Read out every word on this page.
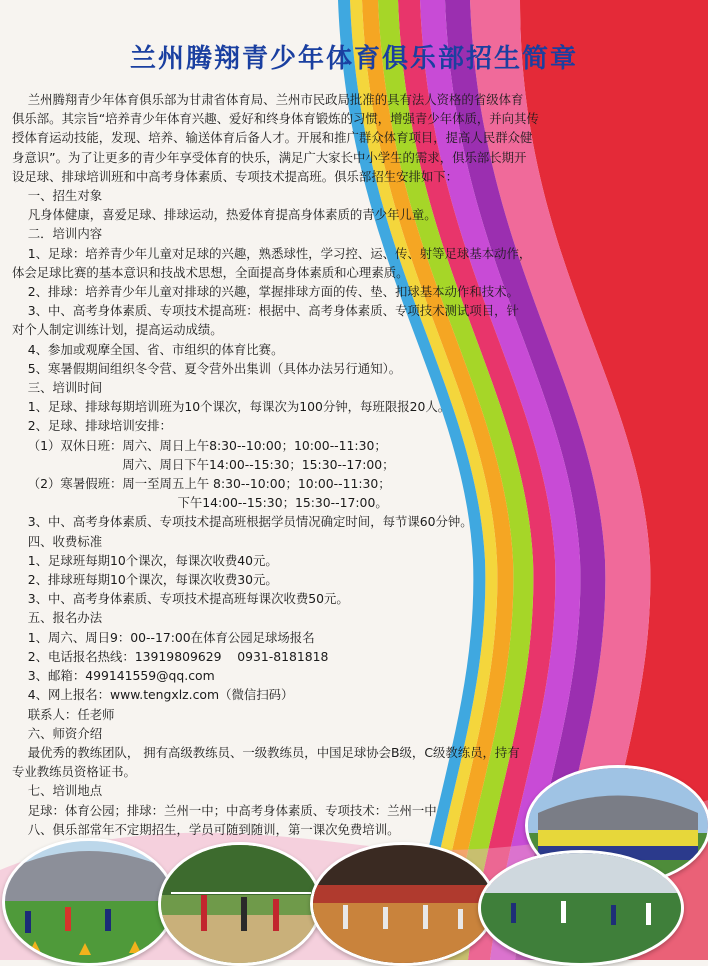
兰州腾翔青少年体育俱乐部招生简章

兰州腾翔青少年体育俱乐部为甘肃省体育局、兰州市民政局批准的具有法人资格的省级体育

俱乐部。其宗旨“培养青少年体育兴趣、爱好和终身体育锻炼的习惯，增强青少年体质，并向其传

授体育运动技能，发现、培养、输送体育后备人才。开展和推广群众体育项目，提高人民群众健

身意识”。为了让更多的青少年享受体育的快乐，满足广大家长中小学生的需求，俱乐部长期开

设足球、排球培训班和中高考身体素质、专项技术提高班。俱乐部招生安排如下：

一、招生对象

凡身体健康，喜爱足球、排球运动，热爱体育提高身体素质的青少年儿童。

二．培训内容

1、足球：培养青少年儿童对足球的兴趣，熟悉球性，学习控、运、传、射等足球基本动作，

体会足球比赛的基本意识和技战术思想，全面提高身体素质和心理素质。

2、排球：培养青少年儿童对排球的兴趣，掌握排球方面的传、垫、扣球基本动作和技术。

3、中、高考身体素质、专项技术提高班：根据中、高考身体素质、专项技术测试项目，针

对个人制定训练计划，提高运动成绩。

4、参加或观摩全国、省、市组织的体育比赛。

5、寒暑假期间组织冬令营、夏令营外出集训（具体办法另行通知）。

三、培训时间

1、足球、排球每期培训班为10个课次，每课次为100分钟，每班限报20人。

2、足球、排球培训安排：

（1）双休日班：周六、周日上午8:30--10:00；10:00--11:30；

周六、周日下午14:00--15:30；15:30--17:00；

（2）寒暑假班：周一至周五上午 8:30--10:00；10:00--11:30；

下午14:00--15:30；15:30--17:00。

3、中、高考身体素质、专项技术提高班根据学员情况确定时间，每节课60分钟。

四、收费标准

1、足球班每期10个课次，每课次收费40元。

2、排球班每期10个课次，每课次收费30元。

3、中、高考身体素质、专项技术提高班每课次收费50元。

五、报名办法

1、周六、周日9：00--17:00在体育公园足球场报名

2、电话报名热线：13919809629    0931-8181818

3、邮箱：499141559@qq.com

4、网上报名：www.tengxlz.com（微信扫码）

联系人：任老师

六、师资介绍

最优秀的教练团队， 拥有高级教练员、一级教练员，中国足球协会B级，C级教练员，持有

专业教练员资格证书。

七、培训地点

足球：体育公园；排球：兰州一中；中高考身体素质、专项技术：兰州一中

八、俱乐部常年不定期招生，学员可随到随训，第一课次免费培训。
